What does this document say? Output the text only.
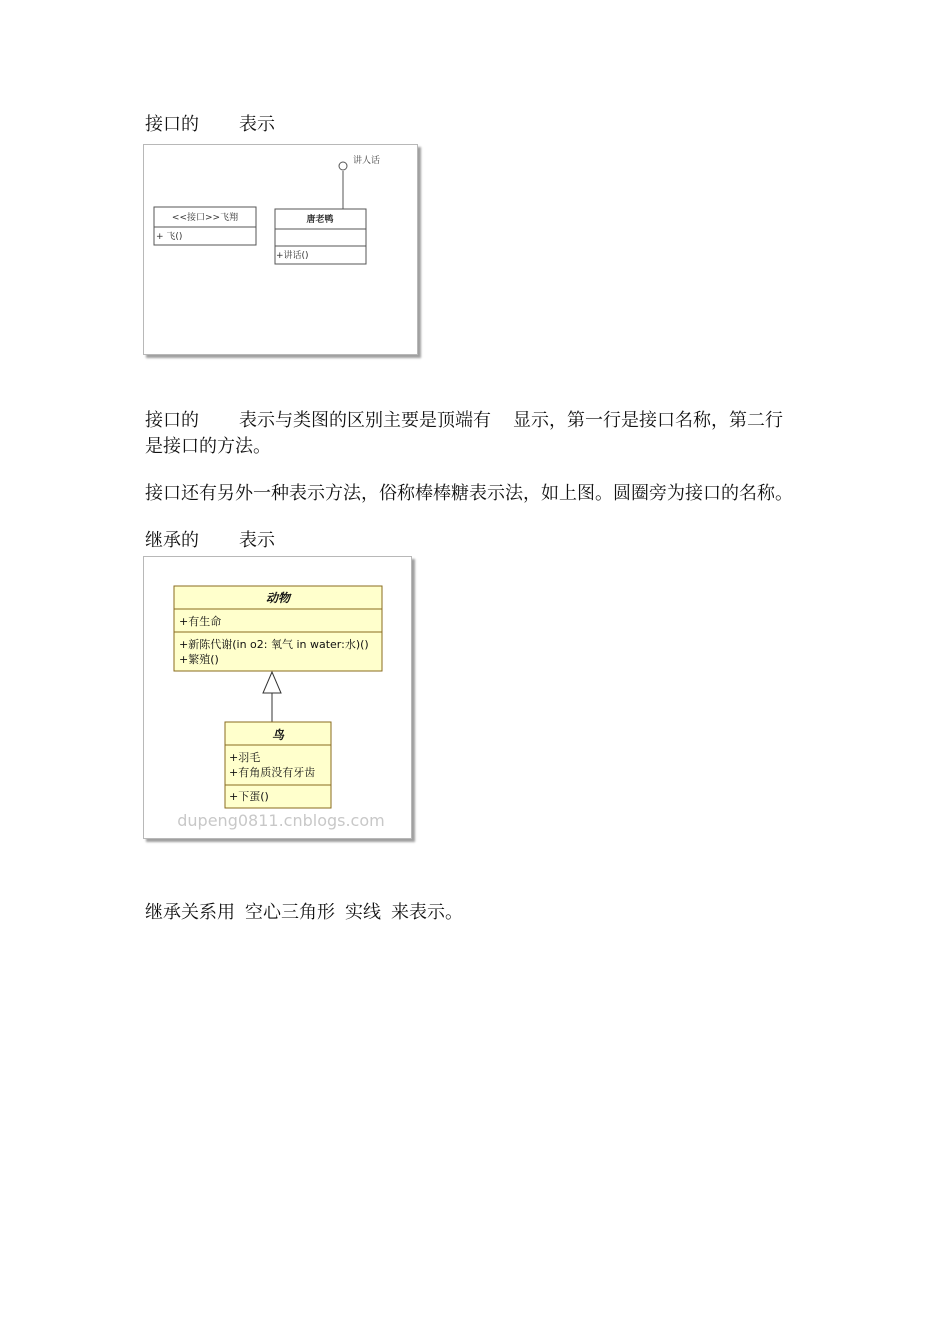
接口的 表示

<<接口>>飞翔
+ 飞()
唐老鸭
+讲话()
讲人话

接口的 表示与类图的区别主要是顶端有 显示，第一行是接口名称，第二行
是接口的方法。

接口还有另外一种表示方法，俗称棒棒糖表示法，如上图。圆圈旁为接口的名称。

继承的 表示

动物
+有生命
+新陈代谢(in o2: 氧气 in water:水)()
+繁殖()
鸟
+羽毛
+有角质没有牙齿
+下蛋()
dupeng0811.cnblogs.com

继承关系用 空心三角形 实线 来表示。
